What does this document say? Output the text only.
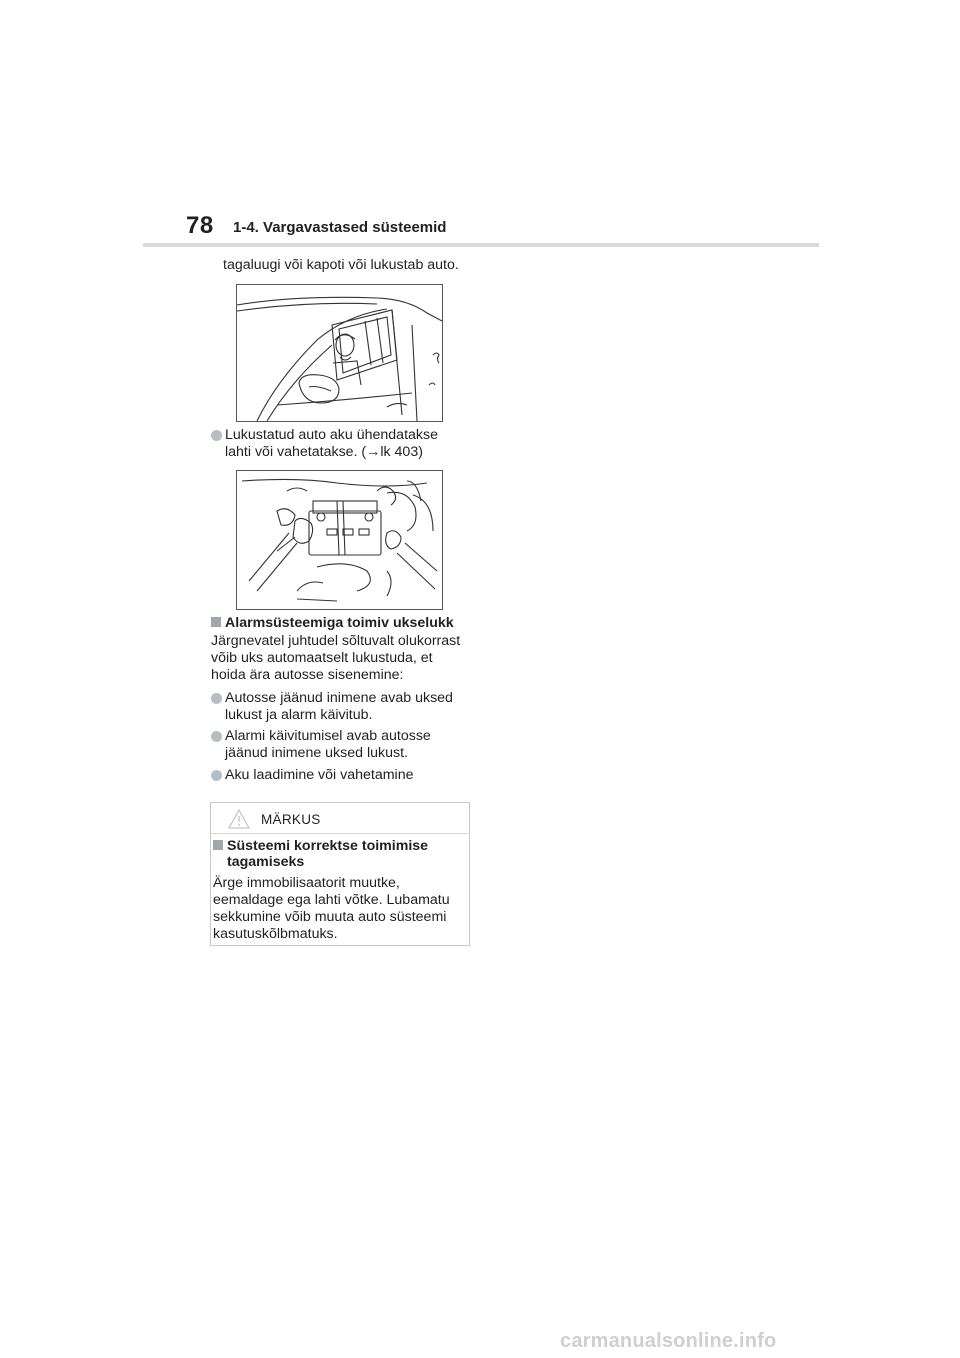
78 1-4. Vargavastased süsteemid
tagaluugi või kapoti või lukustab auto.
Lukustatud auto aku ühendatakse
lahti või vahetatakse. (→lk 403)
Alarmsüsteemiga toimiv ukselukk
Järgnevatel juhtudel sõltuvalt olukorrast
võib uks automaatselt lukustuda, et
hoida ära autosse sisenemine:
Autosse jäänud inimene avab uksed
lukust ja alarm käivitub.
Alarmi käivitumisel avab autosse
jäänud inimene uksed lukust.
Aku laadimine või vahetamine
MÄRKUS
Süsteemi korrektse toimimise
tagamiseks
Ärge immobilisaatorit muutke,
eemaldage ega lahti võtke. Lubamatu
sekkumine võib muuta auto süsteemi
kasutuskõlbmatuks.
carmanualsonline.info
